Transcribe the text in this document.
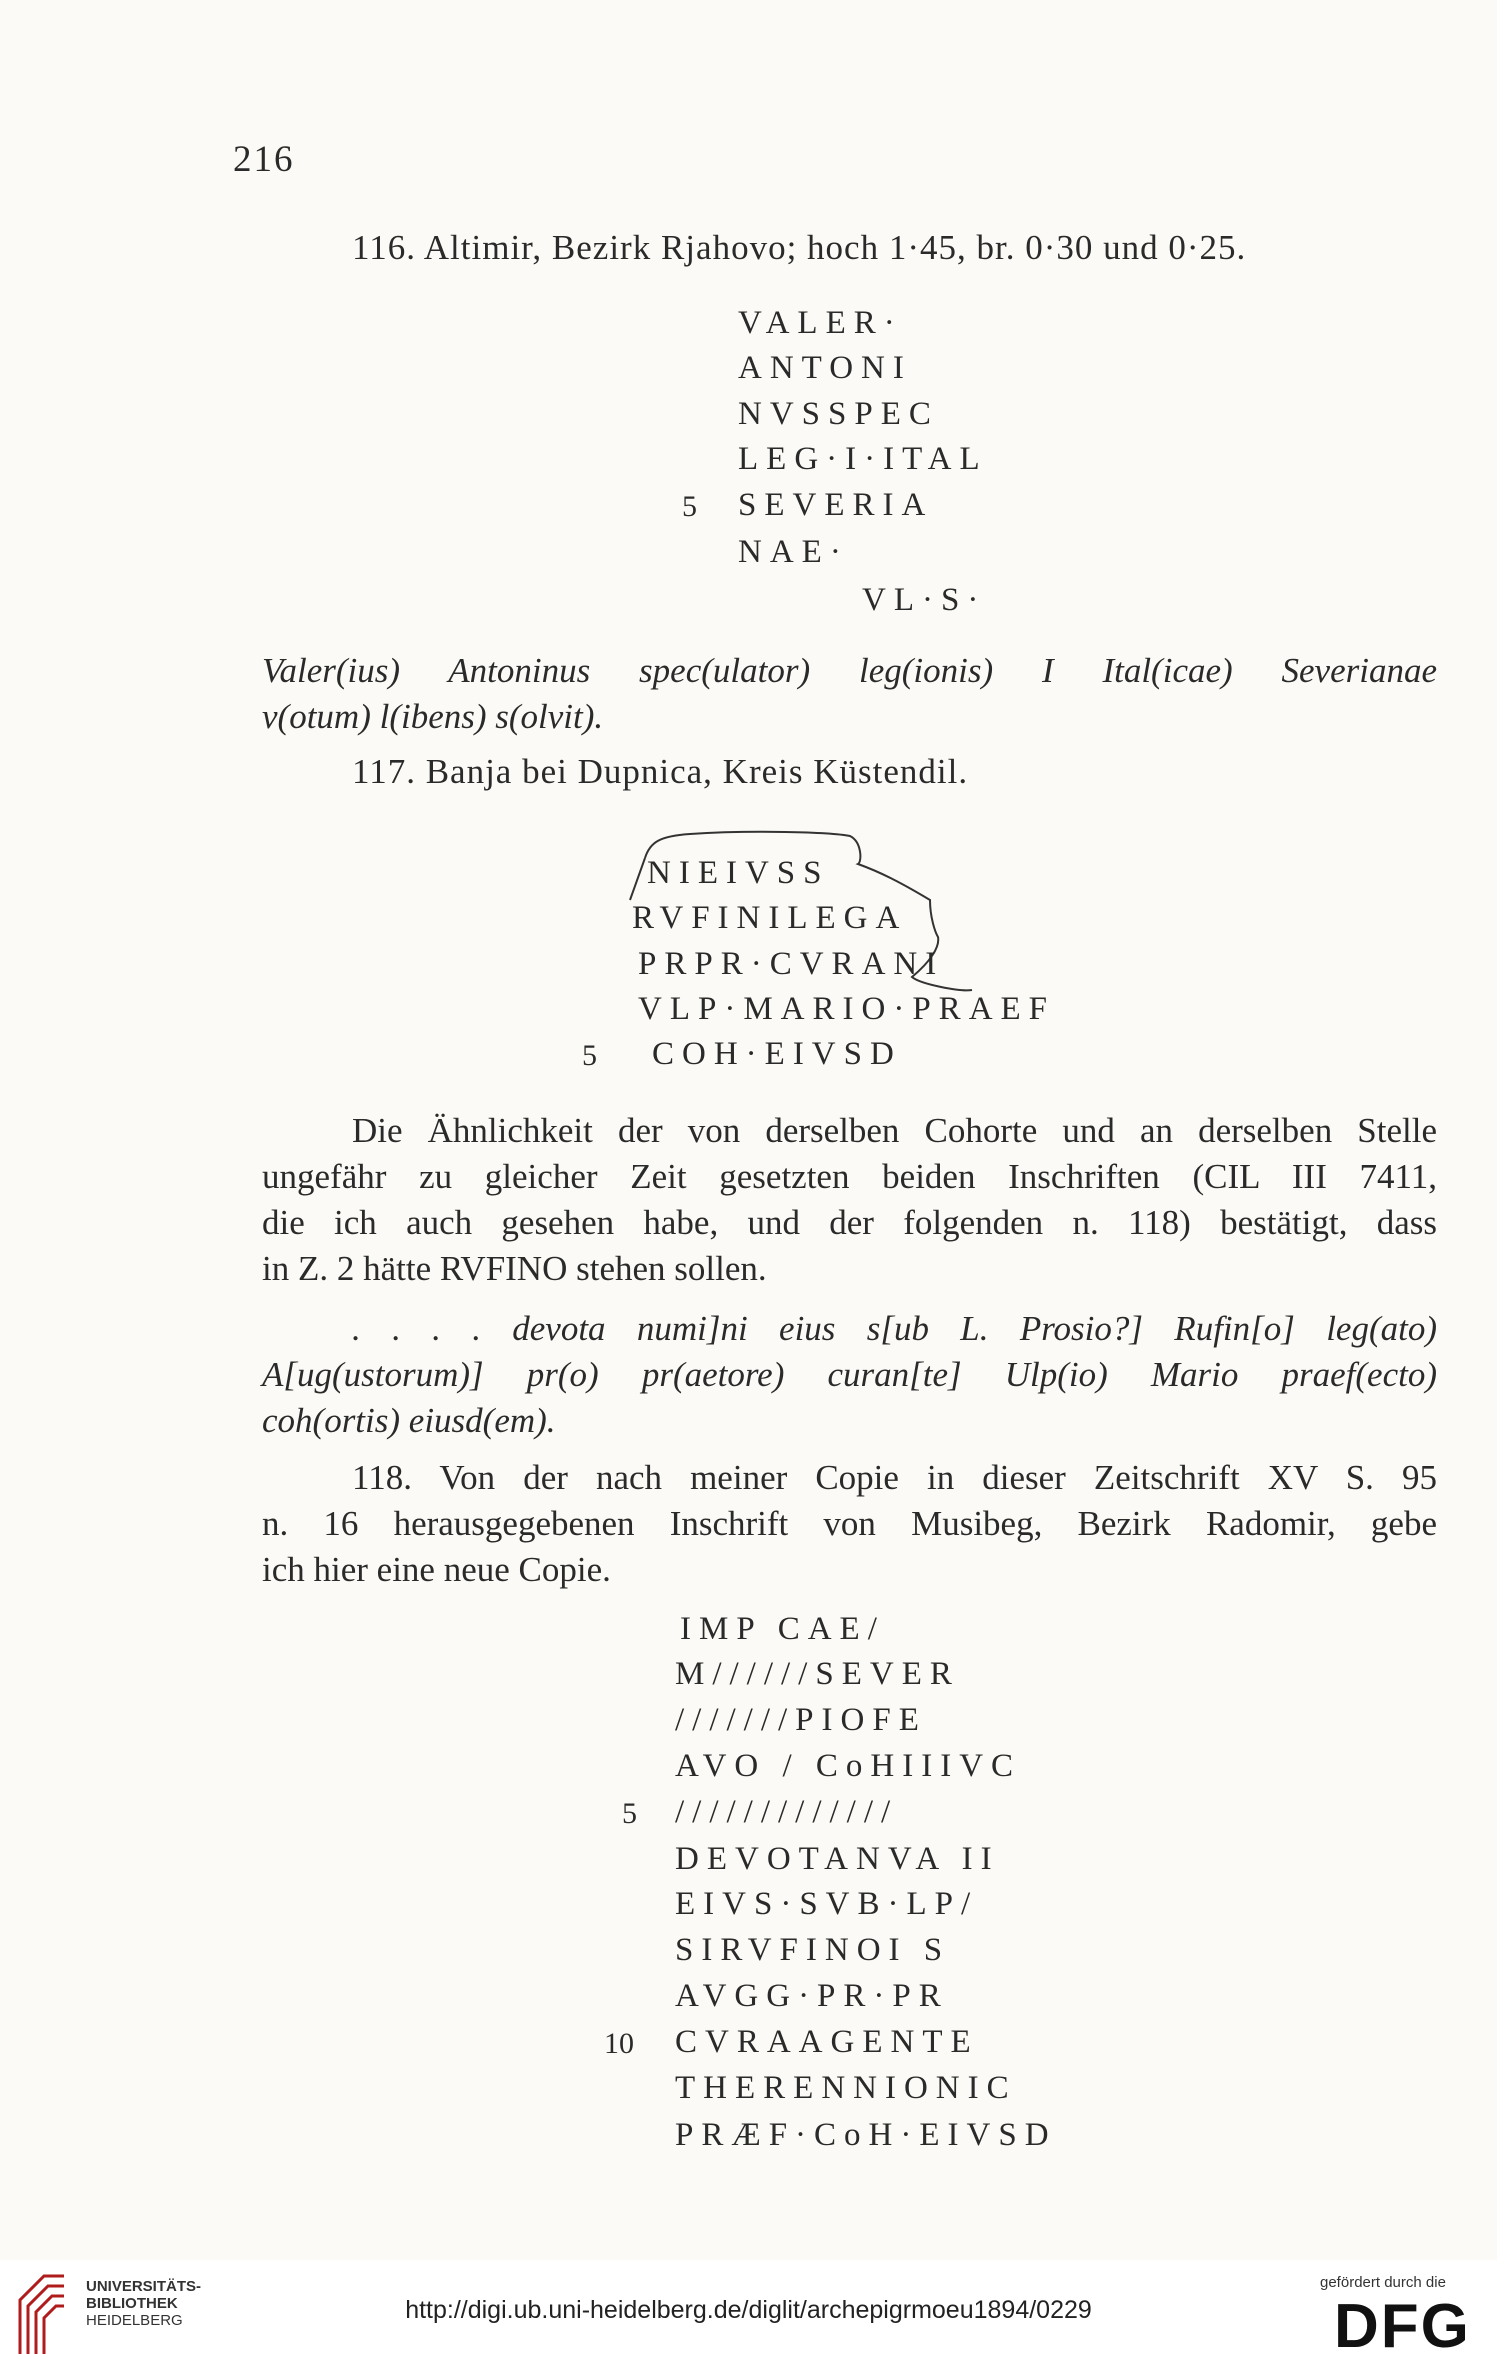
216
116. Altimir, Bezirk Rjahovo; hoch 1·45, br. 0·30 und 0·25.
VALER·
ANTONI
NVSSPEC
LEG·I·ITAL
5 SEVERIA
NAE·
VL·S·
Valer(ius) Antoninus spec(ulator) leg(ionis) I Ital(icae) Severianae
v(otum) l(ibens) s(olvit).
117. Banja bei Dupnica, Kreis Küstendil.
NIEIVSS
RVFINILEGA
PRPR·CVRANI
VLP·MARIO·PRAEF
5 COH·EIVSD
Die Ähnlichkeit der von derselben Cohorte und an derselben Stelle
ungefähr zu gleicher Zeit gesetzten beiden Inschriften (CIL III 7411,
die ich auch gesehen habe, und der folgenden n. 118) bestätigt, dass
in Z. 2 hätte RVFINO stehen sollen.
. . . . devota numi]ni eius s[ub L. Prosio?] Rufin[o] leg(ato)
A[ug(ustorum)] pr(o) pr(aetore) curan[te] Ulp(io) Mario praef(ecto)
coh(ortis) eiusd(em).
118. Von der nach meiner Copie in dieser Zeitschrift XV S. 95
n. 16 herausgegebenen Inschrift von Musibeg, Bezirk Radomir, gebe
ich hier eine neue Copie.
IMP CAE/
M//////SEVER
///////PIOFE
AVO / CoHIIIVC
5 /////////////
DEVOTANVA II
EIVS·SVB·LP/
SIRVFINOI S
AVGG·PR·PR
10 CVRAAGENTE
THERENNIONIC
PRÆF·CoH·EIVSD
UNIVERSITÄTS-
BIBLIOTHEK
HEIDELBERG	http://digi.ub.uni-heidelberg.de/diglit/archepigrmoeu1894/0229
gefördert durch die
DFG
